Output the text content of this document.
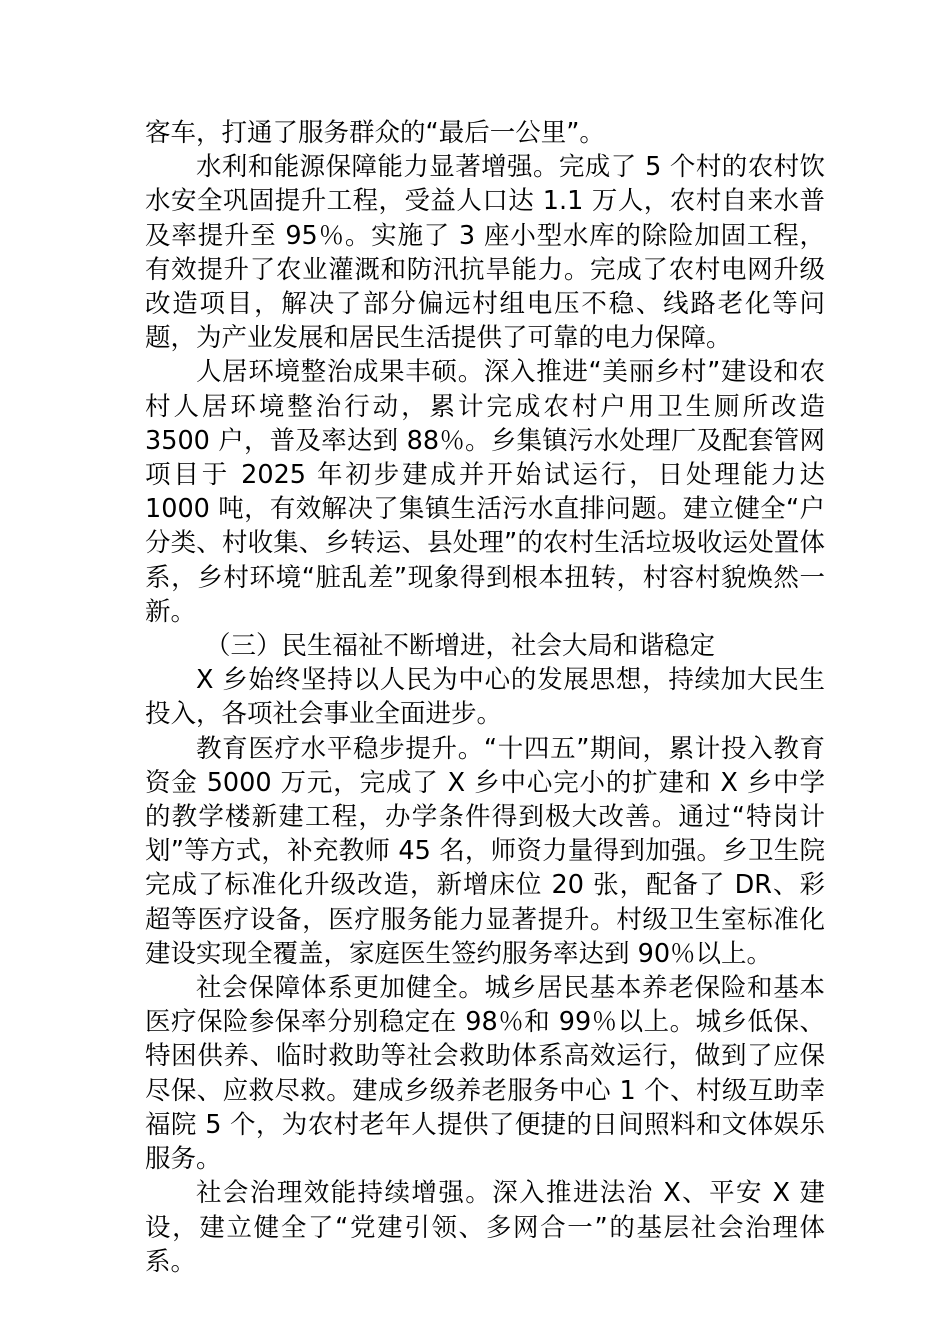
客车，打通了服务群众的“最后一公里”。

水利和能源保障能力显著增强。完成了 5 个村的农村饮水安全巩固提升工程，受益人口达 1.1 万人，农村自来水普及率提升至 95％。实施了 3 座小型水库的除险加固工程，有效提升了农业灌溉和防汛抗旱能力。完成了农村电网升级改造项目，解决了部分偏远村组电压不稳、线路老化等问题，为产业发展和居民生活提供了可靠的电力保障。

人居环境整治成果丰硕。深入推进“美丽乡村”建设和农村人居环境整治行动，累计完成农村户用卫生厕所改造 3500 户，普及率达到 88％。乡集镇污水处理厂及配套管网项目于 2025 年初步建成并开始试运行，日处理能力达 1000 吨，有效解决了集镇生活污水直排问题。建立健全“户分类、村收集、乡转运、县处理”的农村生活垃圾收运处置体系，乡村环境“脏乱差”现象得到根本扭转，村容村貌焕然一新。

（三）民生福祉不断增进，社会大局和谐稳定

X 乡始终坚持以人民为中心的发展思想，持续加大民生投入，各项社会事业全面进步。

教育医疗水平稳步提升。“十四五”期间，累计投入教育资金 5000 万元，完成了 X 乡中心完小的扩建和 X 乡中学的教学楼新建工程，办学条件得到极大改善。通过“特岗计划”等方式，补充教师 45 名，师资力量得到加强。乡卫生院完成了标准化升级改造，新增床位 20 张，配备了 DR、彩超等医疗设备，医疗服务能力显著提升。村级卫生室标准化建设实现全覆盖，家庭医生签约服务率达到 90％以上。

社会保障体系更加健全。城乡居民基本养老保险和基本医疗保险参保率分别稳定在 98％和 99％以上。城乡低保、特困供养、临时救助等社会救助体系高效运行，做到了应保尽保、应救尽救。建成乡级养老服务中心 1 个、村级互助幸福院 5 个，为农村老年人提供了便捷的日间照料和文体娱乐服务。

社会治理效能持续增强。深入推进法治 X、平安 X 建设，建立健全了“党建引领、多网合一”的基层社会治理体系。
